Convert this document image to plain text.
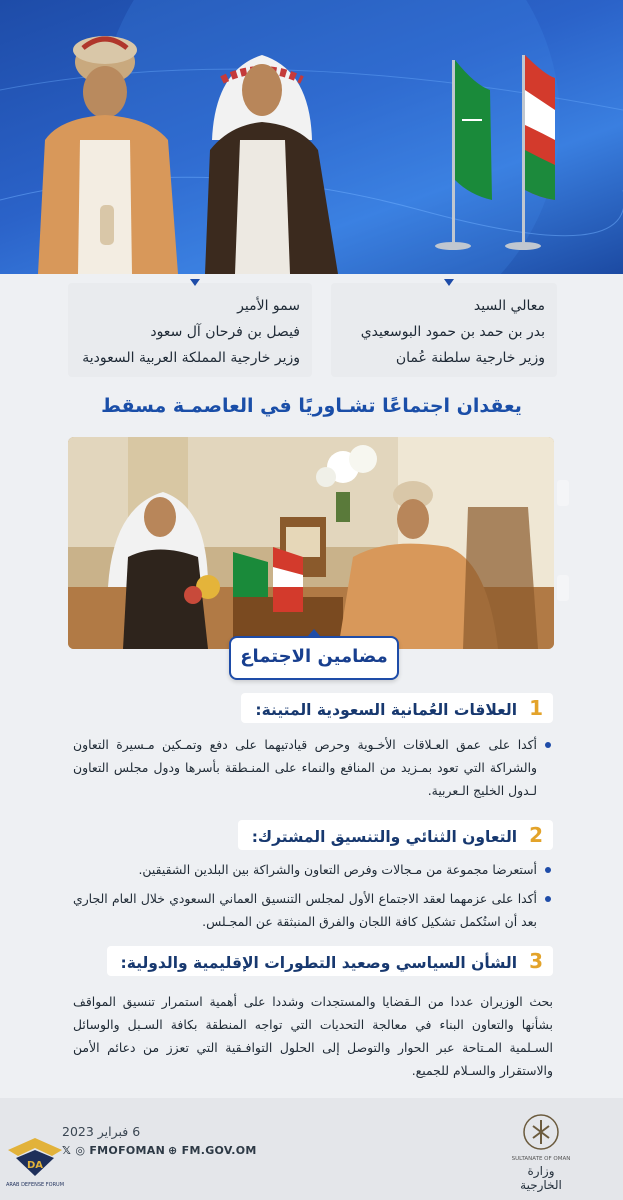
معالي السيد
بدر بن حمد بن حمود البوسعيدي
وزير خارجية سلطنة عُمان
سمو الأمير
فيصل بن فرحان آل سعود
وزير خارجية المملكة العربية السعودية
يعقدان اجتماعًا تشـاوريًا في العاصمـة مسقط
مضامين الاجتماع
1العلاقات العُمانية السعودية المتينة:
أكدا على عمق العـلاقات الأخـوية وحرص قيادتيهما على دفع وتمـكين مـسيرة التعاون والشراكة التي تعود بمـزيد من المنافع والنماء على المنـطقة بأسرها ودول مجلس التعاون لـدول الخليج الـعربية.
2التعاون الثنائي والتنسيق المشترك:
أستعرضا مجموعة من مـجالات وفرص التعاون والشراكة بين البلدين الشقيقين.
أكدا على عزمهما لعقد الاجتماع الأول لمجلس التنسيق العماني السعودي خلال العام الجاري بعد أن استُكمل تشكيل كافة اللجان والفرق المنبثقة عن المجـلس.
3الشأن السياسي وصعيد التطورات الإقليمية والدولية:
بحث الوزيران عددا من الـقضايا والمستجدات وشددا على أهمية استمرار تنسيق المواقف بشأنها والتعاون البناء في معالجة التحديات التي تواجه المنطقة بكافة السـبل والوسائل السـلمية المـتاحة عبر الحوار والتوصل إلى الحلول التوافـقية التي تعزز من دعائم الأمن والاستقرار والسـلام للجميع.
6 فبراير 2023
𝕏 ◎ FMOFOMAN ⊕ FM.GOV.OM
SULTANATE OF OMAN
وزارة الخارجية
DA
ARAB DEFENSE FORUM
